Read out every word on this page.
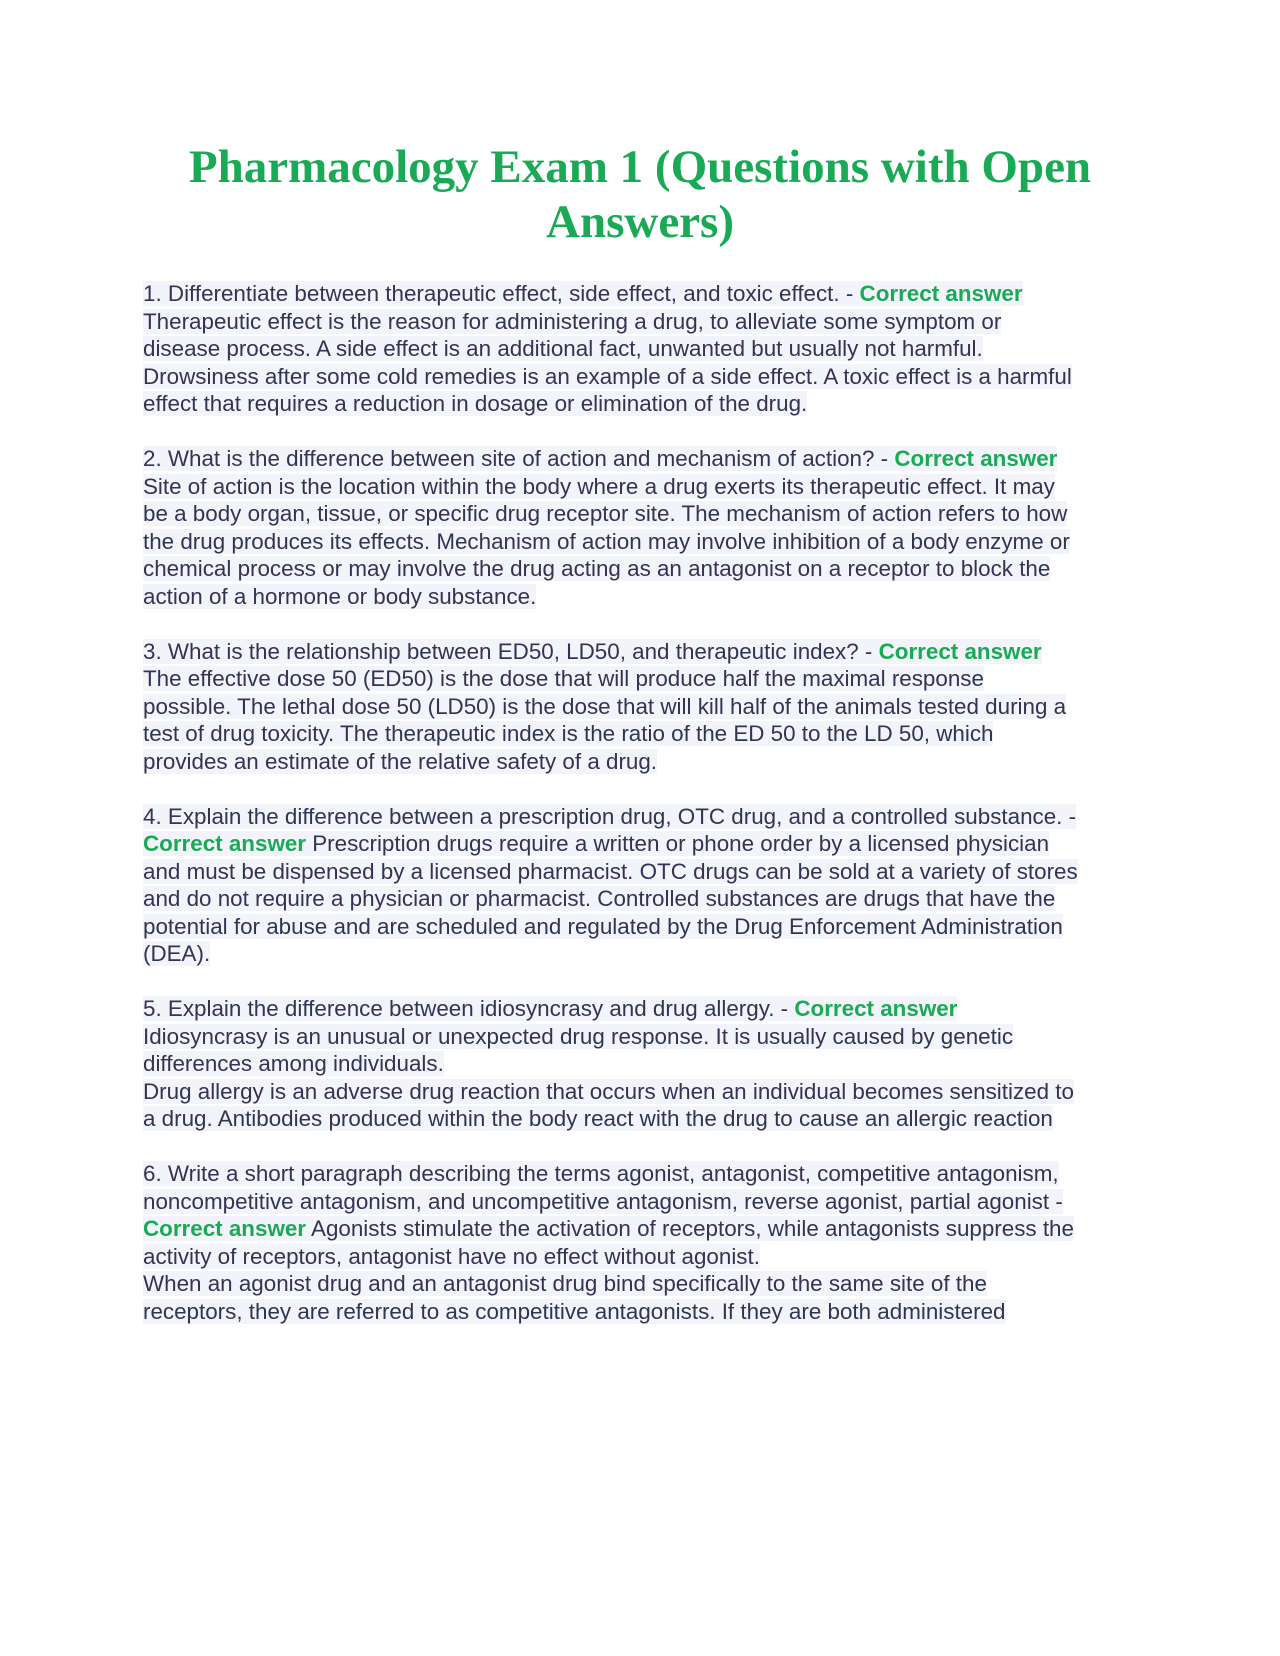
Pharmacology Exam 1 (Questions with Open Answers)

1. Differentiate between therapeutic effect, side effect, and toxic effect. - Correct answer Therapeutic effect is the reason for administering a drug, to alleviate some symptom or disease process. A side effect is an additional fact, unwanted but usually not harmful. Drowsiness after some cold remedies is an example of a side effect. A toxic effect is a harmful effect that requires a reduction in dosage or elimination of the drug.

2. What is the difference between site of action and mechanism of action? - Correct answer Site of action is the location within the body where a drug exerts its therapeutic effect. It may be a body organ, tissue, or specific drug receptor site. The mechanism of action refers to how the drug produces its effects. Mechanism of action may involve inhibition of a body enzyme or chemical process or may involve the drug acting as an antagonist on a receptor to block the action of a hormone or body substance.

3. What is the relationship between ED50, LD50, and therapeutic index? - Correct answer The effective dose 50 (ED50) is the dose that will produce half the maximal response possible. The lethal dose 50 (LD50) is the dose that will kill half of the animals tested during a test of drug toxicity. The therapeutic index is the ratio of the ED 50 to the LD 50, which provides an estimate of the relative safety of a drug.

4. Explain the difference between a prescription drug, OTC drug, and a controlled substance. - Correct answer Prescription drugs require a written or phone order by a licensed physician and must be dispensed by a licensed pharmacist. OTC drugs can be sold at a variety of stores and do not require a physician or pharmacist. Controlled substances are drugs that have the potential for abuse and are scheduled and regulated by the Drug Enforcement Administration (DEA).

5. Explain the difference between idiosyncrasy and drug allergy. - Correct answer Idiosyncrasy is an unusual or unexpected drug response. It is usually caused by genetic differences among individuals.
Drug allergy is an adverse drug reaction that occurs when an individual becomes sensitized to a drug. Antibodies produced within the body react with the drug to cause an allergic reaction

6. Write a short paragraph describing the terms agonist, antagonist, competitive antagonism, noncompetitive antagonism, and uncompetitive antagonism, reverse agonist, partial agonist - Correct answer Agonists stimulate the activation of receptors, while antagonists suppress the activity of receptors, antagonist have no effect without agonist.
When an agonist drug and an antagonist drug bind specifically to the same site of the receptors, they are referred to as competitive antagonists. If they are both administered
